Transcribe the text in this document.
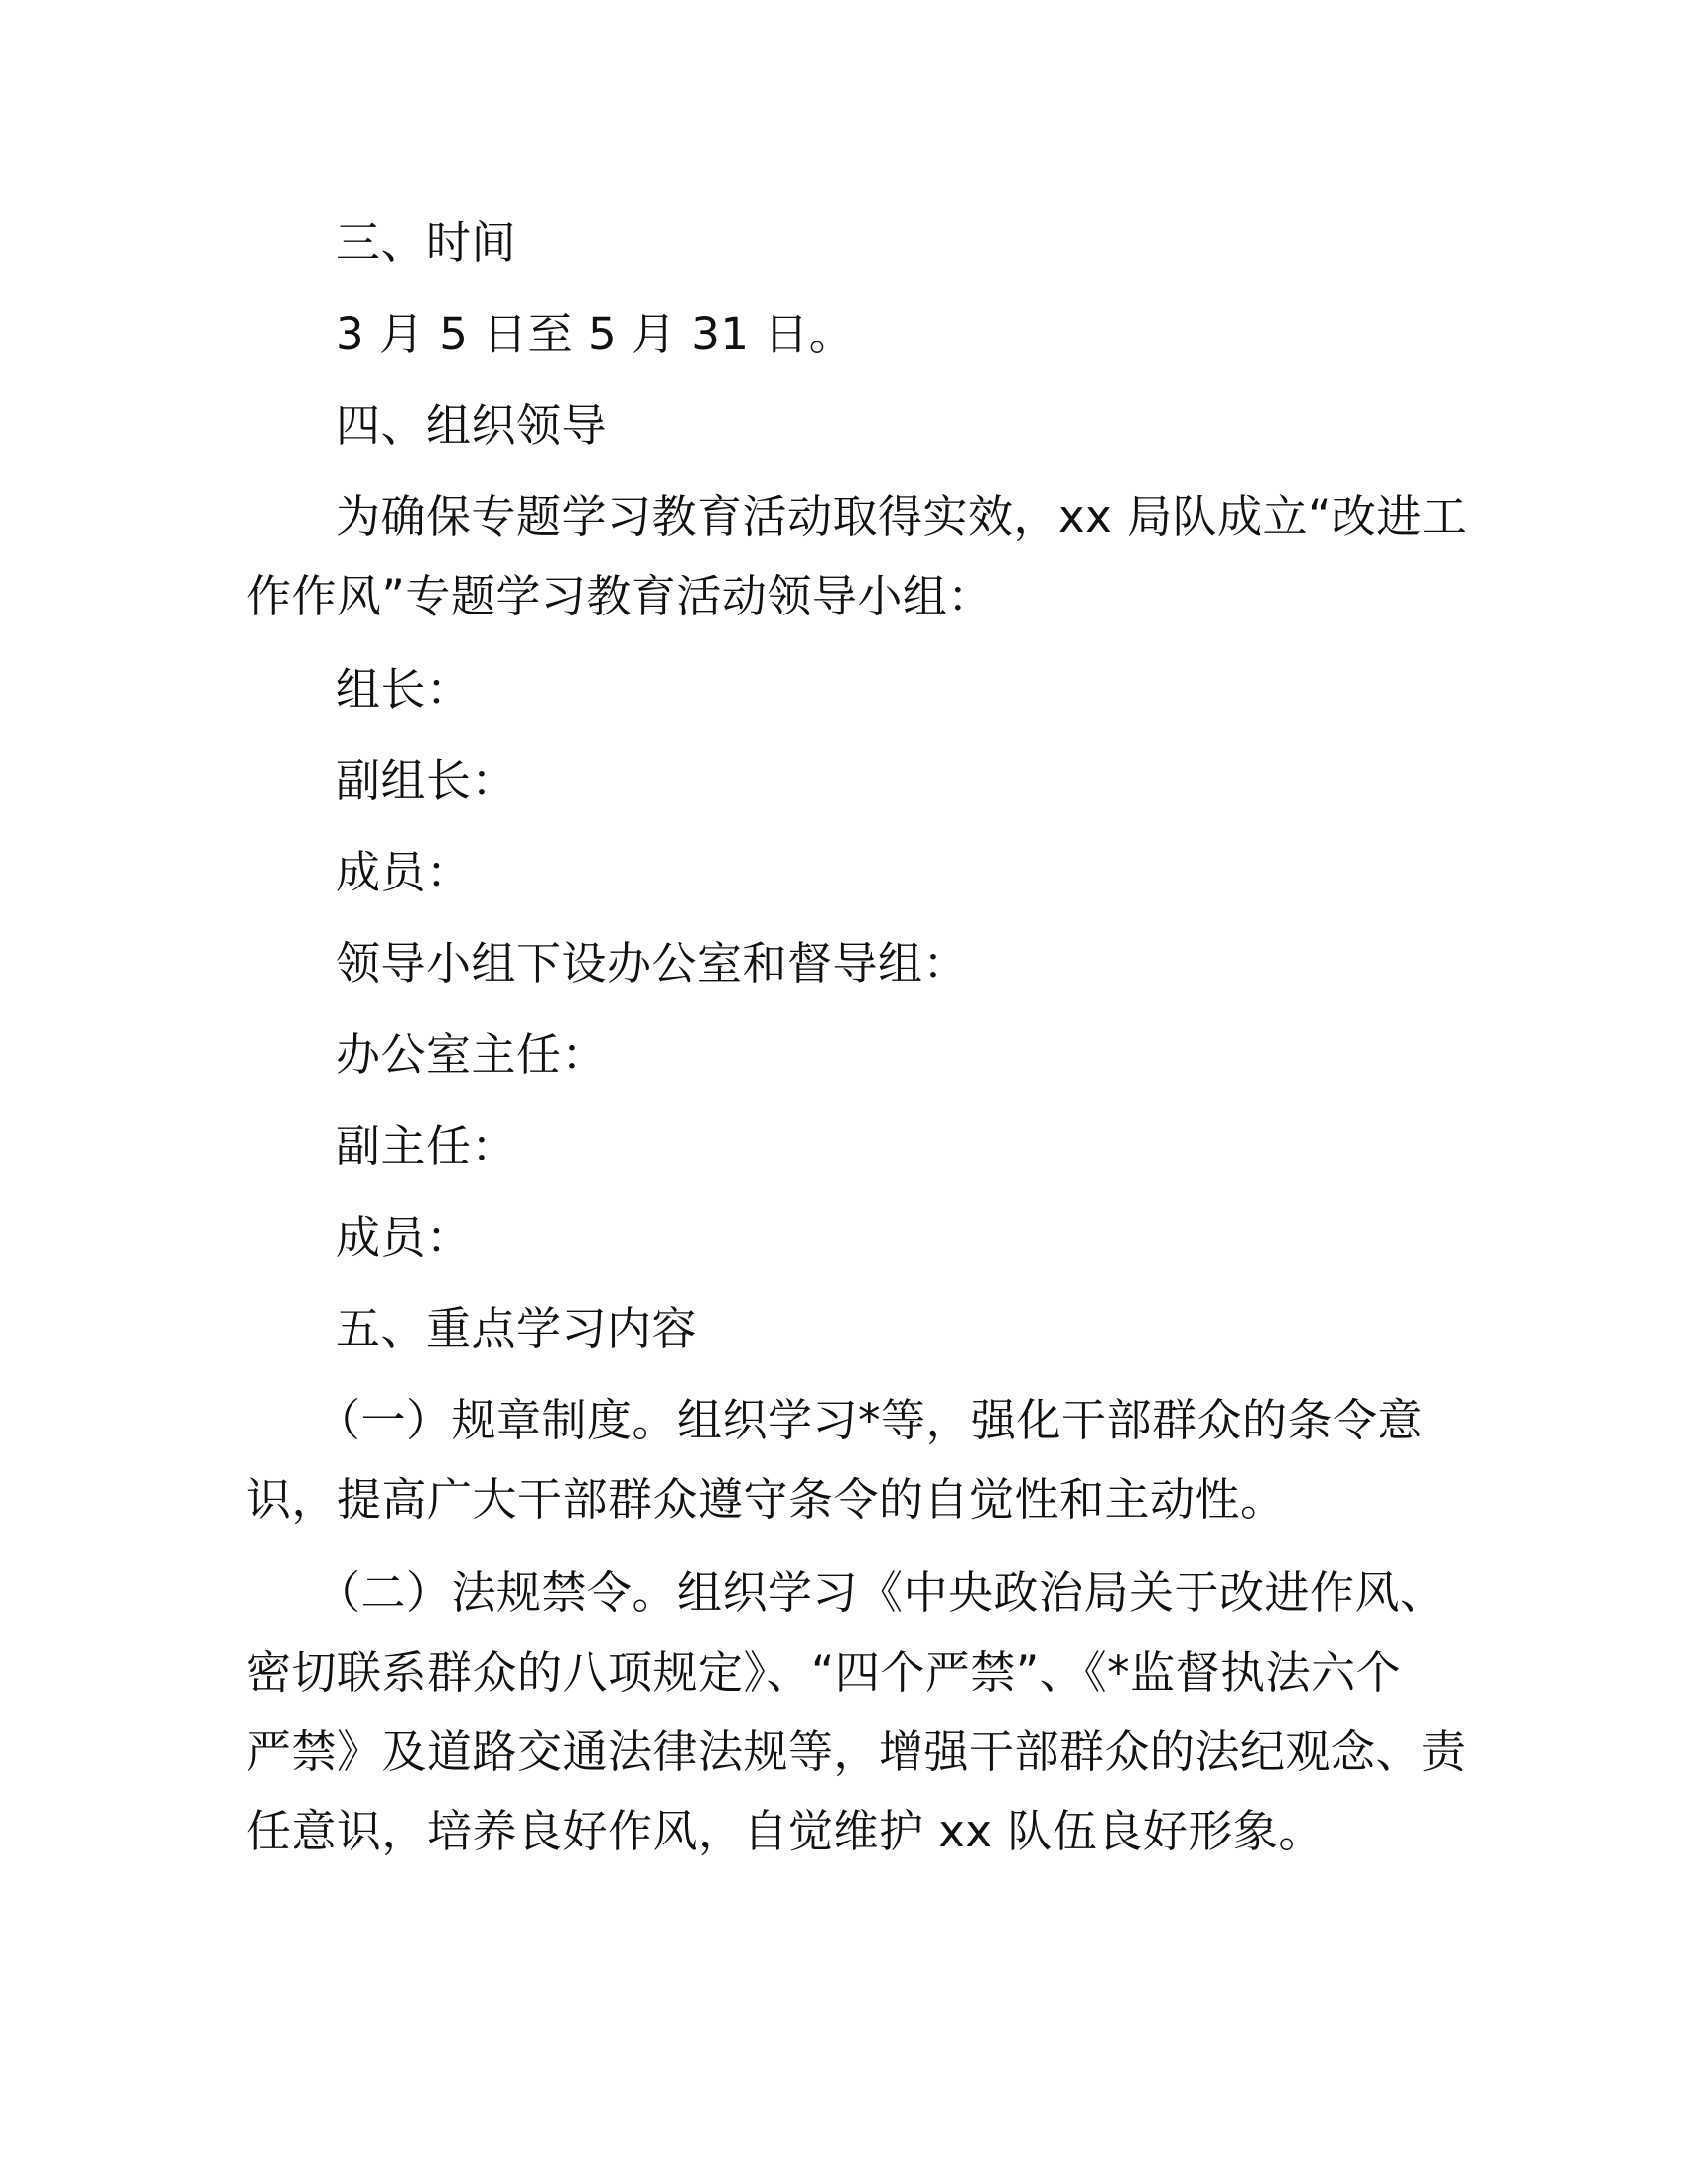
三、时间
3 月 5 日至 5 月 31 日。
四、组织领导
为确保专题学习教育活动取得实效，xx 局队成立“改进工
作作风”专题学习教育活动领导小组：
组长：
副组长：
成员：
领导小组下设办公室和督导组：
办公室主任：
副主任：
成员：
五、重点学习内容
（一）规章制度。组织学习*等，强化干部群众的条令意
识，提高广大干部群众遵守条令的自觉性和主动性。
（二）法规禁令。组织学习《中央政治局关于改进作风、
密切联系群众的八项规定》、“四个严禁”、《*监督执法六个
严禁》及道路交通法律法规等，增强干部群众的法纪观念、责
任意识，培养良好作风，自觉维护 xx 队伍良好形象。
